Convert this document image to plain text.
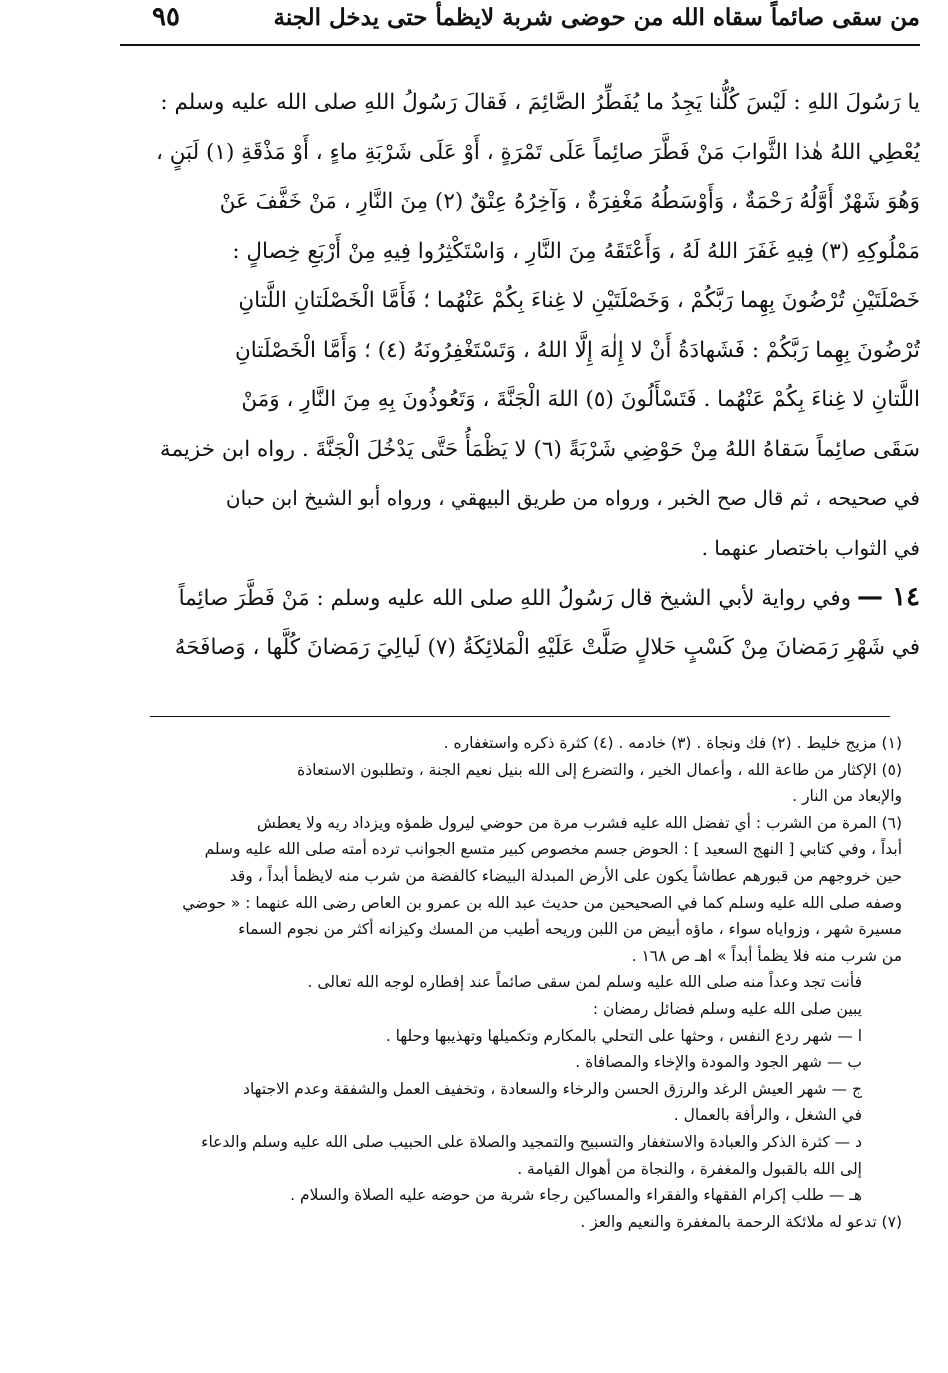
٩٥	من سقى صائماً سقاه الله من حوضى شربة لايظمأ حتى يدخل الجنة
يا رَسُولَ اللهِ : لَيْسَ كُلُّنا يَجِدُ ما يُفَطِّرُ الصَّائِمَ ، فَقالَ رَسُولُ اللهِ صلى الله عليه وسلم :
يُعْطِي اللهُ هٰذا الثَّوابَ مَنْ فَطَّرَ صائِماً عَلَى تَمْرَةٍ ، أَوْ عَلَى شَرْبَةِ ماءٍ ، أَوْ مَذْقَةِ (١) لَبَنٍ ،
وَهُوَ شَهْرٌ أَوَّلُهُ رَحْمَةٌ ، وَأَوْسَطُهُ مَغْفِرَةٌ ، وَآخِرُهُ عِتْقٌ (٢) مِنَ النَّارِ ، مَنْ خَفَّفَ عَنْ
مَمْلُوكِهِ (٣) فِيهِ غَفَرَ اللهُ لَهُ ، وَأَعْتَقَهُ مِنَ النَّارِ ، وَاسْتَكْثِرُوا فِيهِ مِنْ أَرْبَعِ خِصالٍ :
خَصْلَتَيْنِ تُرْضُونَ بِهِما رَبَّكُمْ ، وَخَصْلَتَيْنِ لا غِناءَ بِكُمْ عَنْهُما ؛ فَأَمَّا الْخَصْلَتانِ اللَّتانِ
تُرْضُونَ بِهِما رَبَّكُمْ : فَشَهادَةُ أَنْ لا إِلٰهَ إِلَّا اللهُ ، وَتَسْتَغْفِرُونَهُ (٤) ؛ وَأَمَّا الْخَصْلَتانِ
اللَّتانِ لا غِناءَ بِكُمْ عَنْهُما . فَتَسْأَلُونَ (٥) اللهَ الْجَنَّةَ ، وَتَعُوذُونَ بِهِ مِنَ النَّارِ ، وَمَنْ
سَقَى صائِماً سَقاهُ اللهُ مِنْ حَوْضِي شَرْبَةً (٦) لا يَظْمَأُ حَتَّى يَدْخُلَ الْجَنَّةَ . رواه ابن خزيمة
في صحيحه ، ثم قال صح الخبر ، ورواه من طريق البيهقي ، ورواه أبو الشيخ ابن حبان
في الثواب باختصار عنهما .
١٤ —وفي رواية لأبي الشيخ قال رَسُولُ اللهِ صلى الله عليه وسلم : مَنْ فَطَّرَ صائِماً
في شَهْرِ رَمَضانَ مِنْ كَسْبٍ حَلالٍ صَلَّتْ عَلَيْهِ الْمَلائِكَةُ (٧) لَيالِيَ رَمَضانَ كُلَّها ، وَصافَحَهُ
(١) مزيج خليط . (٢) فك ونجاة . (٣) خادمه . (٤) كثرة ذكره واستغفاره .
(٥) الإكثار من طاعة الله ، وأعمال الخير ، والتضرع إلى الله بنيل نعيم الجنة ، وتطلبون الاستعاذة
والإبعاد من النار .
(٦) المرة من الشرب : أي تفضل الله عليه فشرب مرة من حوضي ليرول ظمؤه ويزداد ريه ولا يعطش
أبداً ، وفي كتابي [ النهج السعيد ] : الحوض جسم مخصوص كبير متسع الجوانب ترده أمته صلى الله عليه وسلم
حين خروجهم من قبورهم عطاشاً يكون على الأرض المبدلة البيضاء كالفضة من شرب منه لايظمأ أبداً ، وقد
وصفه صلى الله عليه وسلم كما في الصحيحين من حديث عبد الله بن عمرو بن العاص رضى الله عنهما : « حوضي
مسيرة شهر ، وزواياه سواء ، ماؤه أبيض من اللبن وريحه أطيب من المسك وكيزانه أكثر من نجوم السماء
من شرب منه فلا يظمأ أبداً » اهـ ص ١٦٨ .
فأنت تجد وعداً منه صلى الله عليه وسلم لمن سقى صائماً عند إفطاره لوجه الله تعالى .
يبين صلى الله عليه وسلم فضائل رمضان :
ا — شهر ردع النفس ، وحثها على التحلي بالمكارم وتكميلها وتهذيبها وحلها .
ب — شهر الجود والمودة والإخاء والمصافاة .
ج — شهر العيش الرغد والرزق الحسن والرخاء والسعادة ، وتخفيف العمل والشفقة وعدم الاجتهاد
في الشغل ، والرأفة بالعمال .
د — كثرة الذكر والعبادة والاستغفار والتسبيح والتمجيد والصلاة على الحبيب صلى الله عليه وسلم والدعاء
إلى الله بالقبول والمغفرة ، والنجاة من أهوال القيامة .
هـ — طلب إكرام الفقهاء والفقراء والمساكين رجاء شربة من حوضه عليه الصلاة والسلام .
(٧) تدعو له ملائكة الرحمة بالمغفرة والنعيم والعز .
